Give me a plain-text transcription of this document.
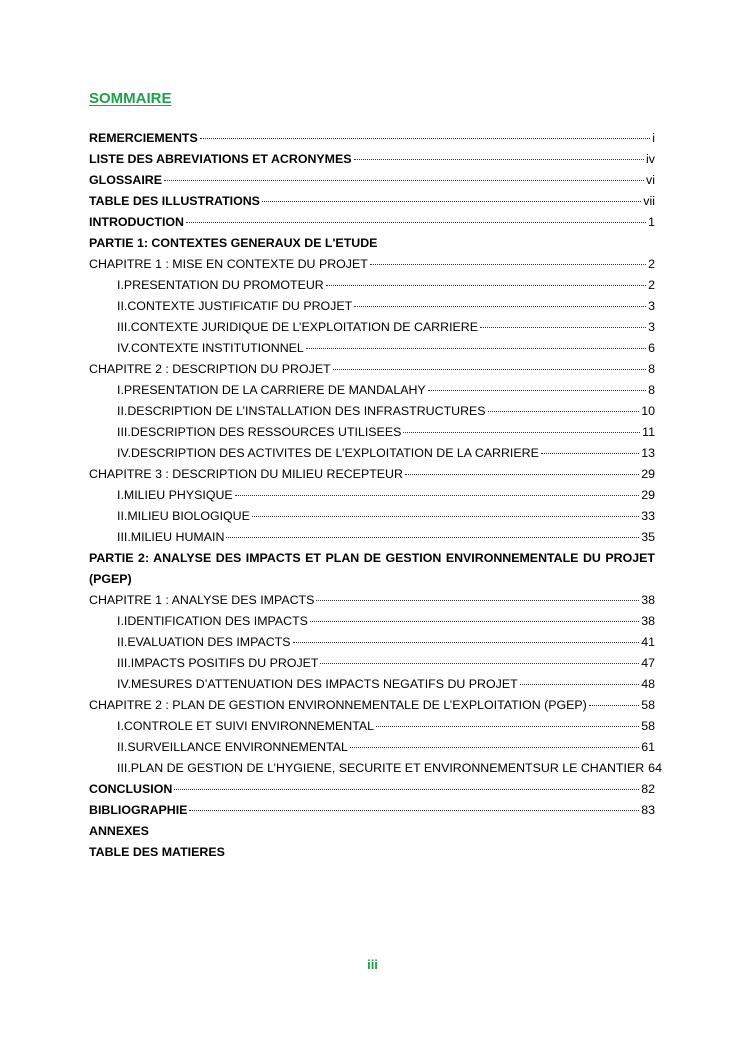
SOMMAIRE
REMERCIEMENTS	i
LISTE DES ABREVIATIONS ET ACRONYMES	iv
GLOSSAIRE	vi
TABLE DES ILLUSTRATIONS	vii
INTRODUCTION	1
PARTIE 1: CONTEXTES GENERAUX DE L'ETUDE
CHAPITRE 1 : MISE EN CONTEXTE DU PROJET	2
I.PRESENTATION DU PROMOTEUR	2
II.CONTEXTE JUSTIFICATIF DU PROJET	3
III.CONTEXTE JURIDIQUE DE L’EXPLOITATION DE CARRIERE	3
IV.CONTEXTE INSTITUTIONNEL	6
CHAPITRE 2 : DESCRIPTION DU PROJET	8
I.PRESENTATION DE LA CARRIERE DE MANDALAHY	8
II.DESCRIPTION DE L’INSTALLATION DES INFRASTRUCTURES	10
III.DESCRIPTION DES RESSOURCES UTILISEES	11
IV.DESCRIPTION DES ACTIVITES DE L’EXPLOITATION DE LA CARRIERE	13
CHAPITRE 3 : DESCRIPTION DU MILIEU RECEPTEUR	29
I.MILIEU PHYSIQUE	29
II.MILIEU BIOLOGIQUE	33
III.MILIEU HUMAIN	35
PARTIE 2: ANALYSE DES IMPACTS ET PLAN DE GESTION ENVIRONNEMENTALE DU PROJET (PGEP)
CHAPITRE 1 : ANALYSE DES IMPACTS	38
I.IDENTIFICATION DES IMPACTS	38
II.EVALUATION DES IMPACTS	41
III.IMPACTS POSITIFS DU PROJET	47
IV.MESURES D’ATTENUATION DES IMPACTS NEGATIFS DU PROJET	48
CHAPITRE 2 : PLAN DE GESTION ENVIRONNEMENTALE DE L’EXPLOITATION (PGEP)	58
I.CONTROLE ET SUIVI ENVIRONNEMENTAL	58
II.SURVEILLANCE ENVIRONNEMENTAL	61
III.PLAN DE GESTION DE L’HYGIENE, SECURITE ET ENVIRONNEMENTSUR LE CHANTIER 64
CONCLUSION	82
BIBLIOGRAPHIE	83
ANNEXES
TABLE DES MATIERES
iii
